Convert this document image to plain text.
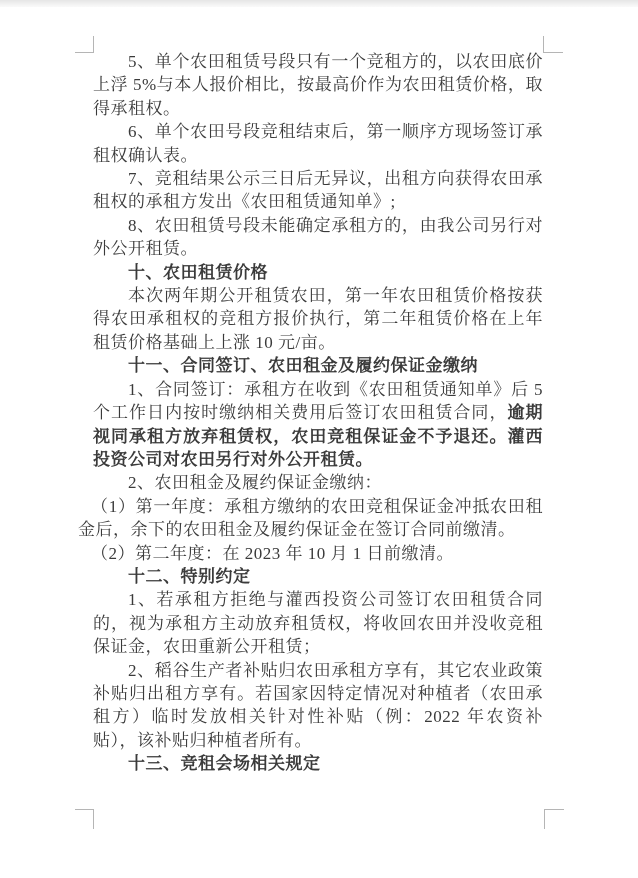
5、单个农田租赁号段只有一个竞租方的，以农田底价上浮 5%与本人报价相比，按最高价作为农田租赁价格，取得承租权。

6、单个农田号段竞租结束后，第一顺序方现场签订承租权确认表。

7、竞租结果公示三日后无异议，出租方向获得农田承租权的承租方发出《农田租赁通知单》;

8、农田租赁号段未能确定承租方的，由我公司另行对外公开租赁。

十、农田租赁价格

本次两年期公开租赁农田，第一年农田租赁价格按获得农田承租权的竞租方报价执行，第二年租赁价格在上年租赁价格基础上上涨 10 元/亩。

十一、合同签订、农田租金及履约保证金缴纳

1、合同签订：承租方在收到《农田租赁通知单》后 5 个工作日内按时缴纳相关费用后签订农田租赁合同，逾期视同承租方放弃租赁权，农田竞租保证金不予退还。灌西投资公司对农田另行对外公开租赁。

2、农田租金及履约保证金缴纳：

（1）第一年度：承租方缴纳的农田竞租保证金冲抵农田租金后，余下的农田租金及履约保证金在签订合同前缴清。

（2）第二年度：在 2023 年 10 月 1 日前缴清。

十二、特别约定

1、若承租方拒绝与灌西投资公司签订农田租赁合同的，视为承租方主动放弃租赁权，将收回农田并没收竞租保证金，农田重新公开租赁；

2、稻谷生产者补贴归农田承租方享有，其它农业政策补贴归出租方享有。若国家因特定情况对种植者（农田承租方）临时发放相关针对性补贴（例：2022 年农资补贴），该补贴归种植者所有。

十三、竞租会场相关规定
